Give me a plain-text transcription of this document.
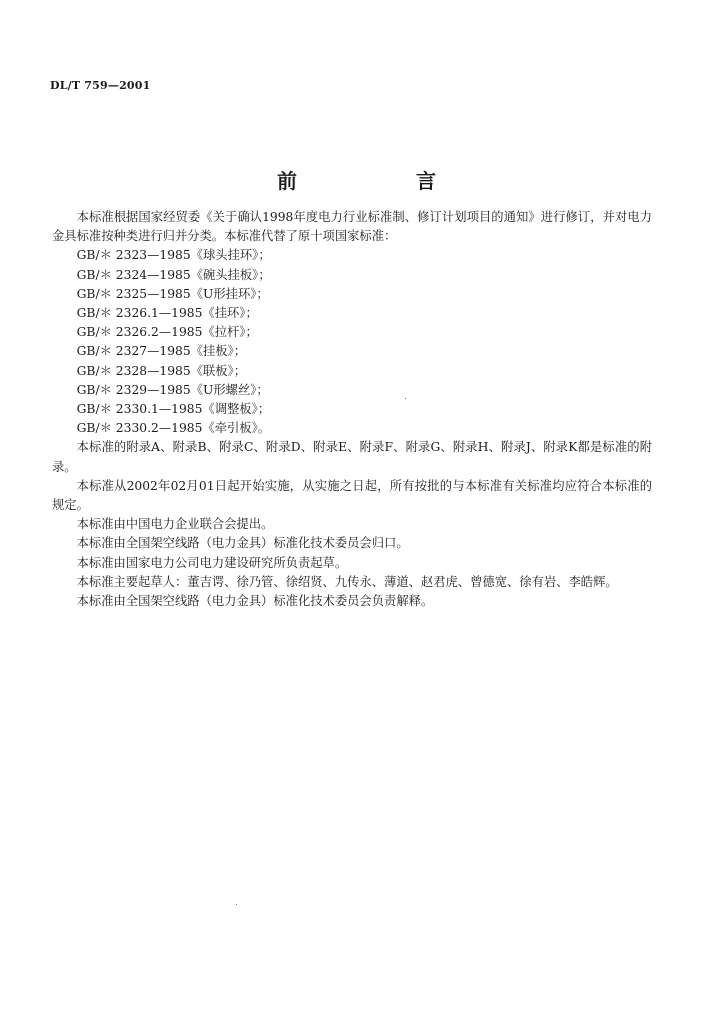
DL/T 759—2001
前 言

本标准根据国家经贸委《关于确认1998年度电力行业标准制、修订计划项目的通知》进行修订，并对电力金具标准按种类进行归并分类。本标准代替了原十项国家标准：

GB/＊ 2323—1985《球头挂环》；
GB/＊ 2324—1985《碗头挂板》；
GB/＊ 2325—1985《U形挂环》；
GB/＊ 2326.1—1985《挂环》；
GB/＊ 2326.2—1985《拉杆》；
GB/＊ 2327—1985《挂板》；
GB/＊ 2328—1985《联板》；
GB/＊ 2329—1985《U形螺丝》；
GB/＊ 2330.1—1985《调整板》；
GB/＊ 2330.2—1985《牵引板》。

本标准的附录A、附录B、附录C、附录D、附录E、附录F、附录G、附录H、附录J、附录K都是标准的附录。

本标准从2002年02月01日起开始实施，从实施之日起，所有按批的与本标准有关标准均应符合本标准的规定。

本标准由中国电力企业联合会提出。

本标准由全国架空线路（电力金具）标准化技术委员会归口。

本标准由国家电力公司电力建设研究所负责起草。

本标准主要起草人：董吉谔、徐乃管、徐绍贤、九传永、薄道、赵君虎、曾德宽、徐有岩、李皓辉。

本标准由全国架空线路（电力金具）标准化技术委员会负责解释。
